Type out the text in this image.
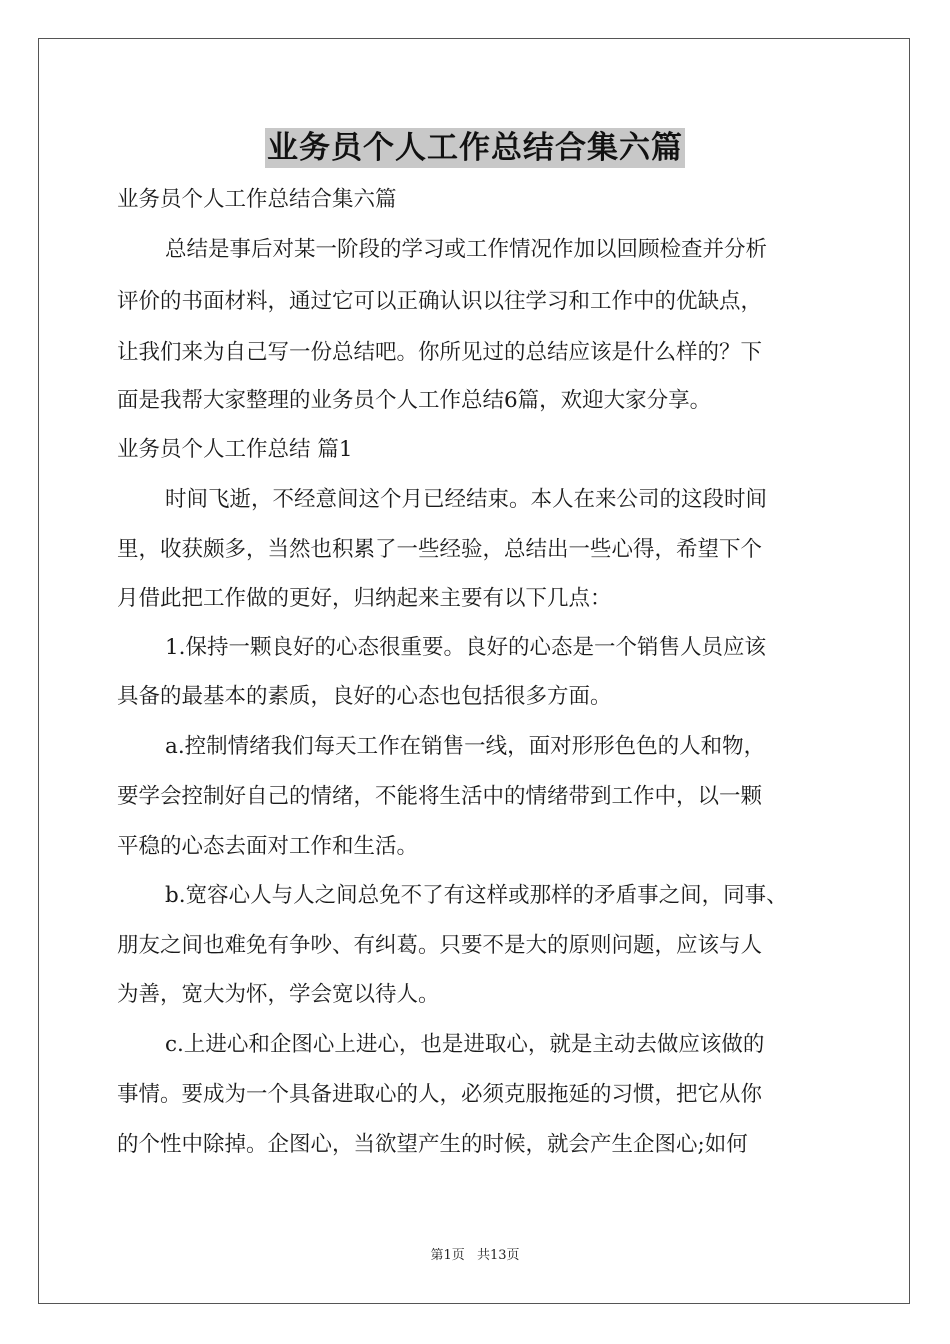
业务员个人工作总结合集六篇
业务员个人工作总结合集六篇
总结是事后对某一阶段的学习或工作情况作加以回顾检查并分析
评价的书面材料，通过它可以正确认识以往学习和工作中的优缺点，
让我们来为自己写一份总结吧。你所见过的总结应该是什么样的？下
面是我帮大家整理的业务员个人工作总结6篇，欢迎大家分享。
业务员个人工作总结 篇1
时间飞逝，不经意间这个月已经结束。本人在来公司的这段时间
里，收获颇多，当然也积累了一些经验，总结出一些心得，希望下个
月借此把工作做的更好，归纳起来主要有以下几点：
1.保持一颗良好的心态很重要。良好的心态是一个销售人员应该
具备的最基本的素质，良好的心态也包括很多方面。
a.控制情绪我们每天工作在销售一线，面对形形色色的人和物，
要学会控制好自己的情绪，不能将生活中的情绪带到工作中，以一颗
平稳的心态去面对工作和生活。
b.宽容心人与人之间总免不了有这样或那样的矛盾事之间，同事、
朋友之间也难免有争吵、有纠葛。只要不是大的原则问题，应该与人
为善，宽大为怀，学会宽以待人。
c.上进心和企图心上进心，也是进取心，就是主动去做应该做的
事情。要成为一个具备进取心的人，必须克服拖延的习惯，把它从你
的个性中除掉。企图心，当欲望产生的时候，就会产生企图心;如何
第1页 共13页
